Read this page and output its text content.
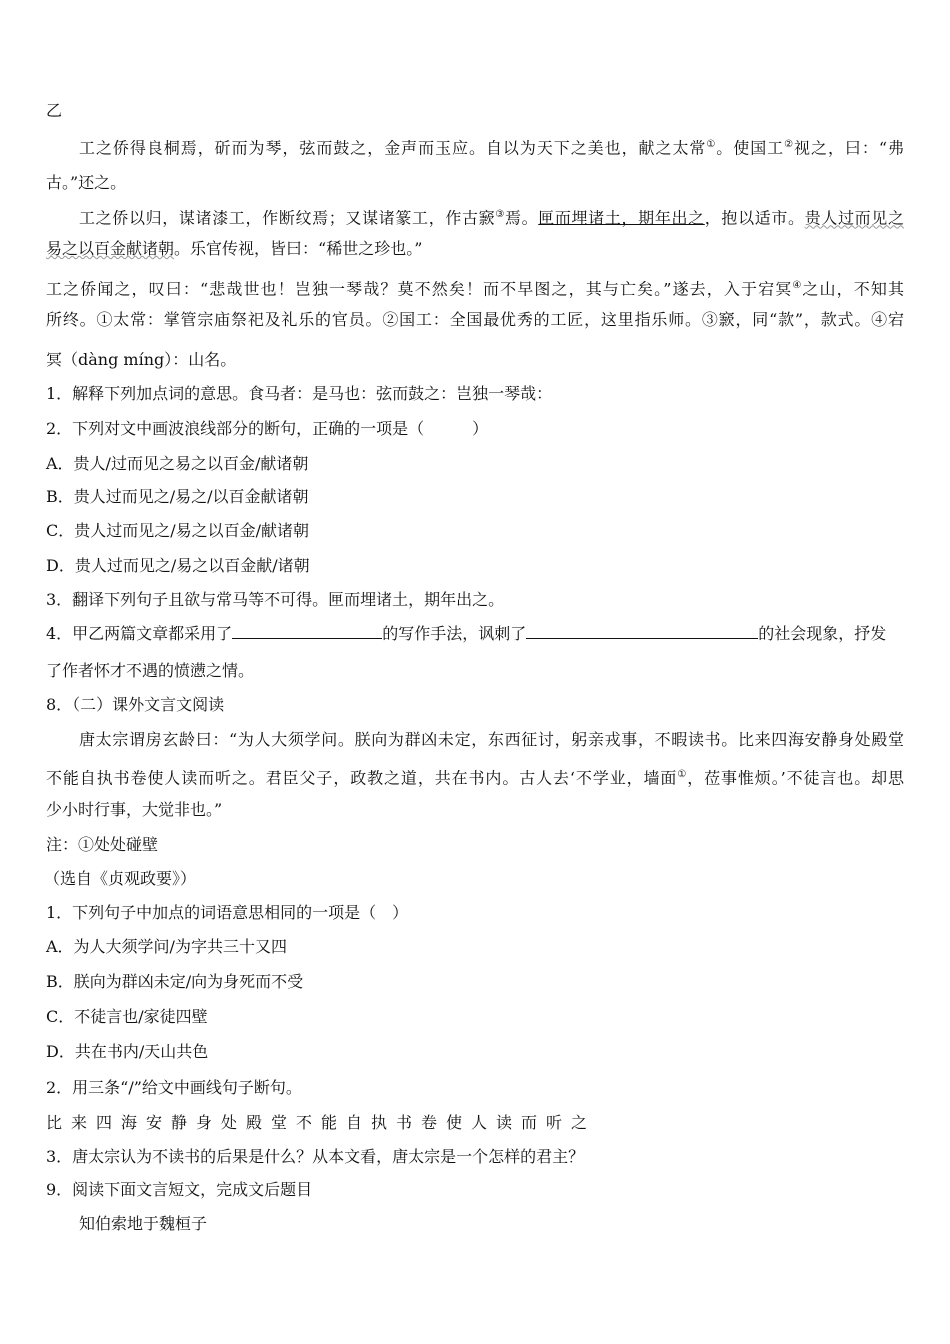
乙
工之侨得良桐焉，斫而为琴，弦而鼓之，金声而玉应。自以为天下之美也，献之太常①。使国工②视之，曰：“弗
古。”还之。
工之侨以归，谋诸漆工，作断纹焉；又谋诸篆工，作古窾③焉。匣而埋诸土，期年出之，抱以适市。贵人过而见之
易之以百金献诸朝。乐官传视，皆曰：“稀世之珍也。”
工之侨闻之，叹曰：“悲哉世也！岂独一琴哉？莫不然矣！而不早图之，其与亡矣。”遂去，入于宕冥④之山，不知其
所终。①太常：掌管宗庙祭祀及礼乐的官员。②国工：全国最优秀的工匠，这里指乐师。③窾，同“款”，款式。④宕
冥（dàng míng）：山名。
1．解释下列加点词的意思。食马者：是马也：弦而鼓之：岂独一琴哉：
2．下列对文中画波浪线部分的断句，正确的一项是（　　　）
A．贵人/过而见之易之以百金/献诸朝
B．贵人过而见之/易之/以百金献诸朝
C．贵人过而见之/易之以百金/献诸朝
D．贵人过而见之/易之以百金献/诸朝
3．翻译下列句子且欲与常马等不可得。匣而埋诸土，期年出之。
4．甲乙两篇文章都采用了	的写作手法，讽刺了	的社会现象，抒发
了作者怀才不遇的愤懑之情。
8．（二）课外文言文阅读
唐太宗谓房玄龄曰：“为人大须学问。朕向为群凶未定，东西征讨，躬亲戎事，不暇读书。比来四海安静身处殿堂
不能自执书卷使人读而听之。君臣父子，政教之道，共在书内。古人去‘不学业，墙面①，莅事惟烦。’不徒言也。却思
少小时行事，大觉非也。”
注：①处处碰壁
（选自《贞观政要》）
1．下列句子中加点的词语意思相同的一项是（　）
A．为人大须学问/为字共三十又四
B．朕向为群凶未定/向为身死而不受
C．不徒言也/家徒四壁
D．共在书内/天山共色
2．用三条“/”给文中画线句子断句。
比来四海安静身处殿堂不能自执书卷使人读而听之
3．唐太宗认为不读书的后果是什么？从本文看，唐太宗是一个怎样的君主？
9．阅读下面文言短文，完成文后题目
知伯索地于魏桓子
